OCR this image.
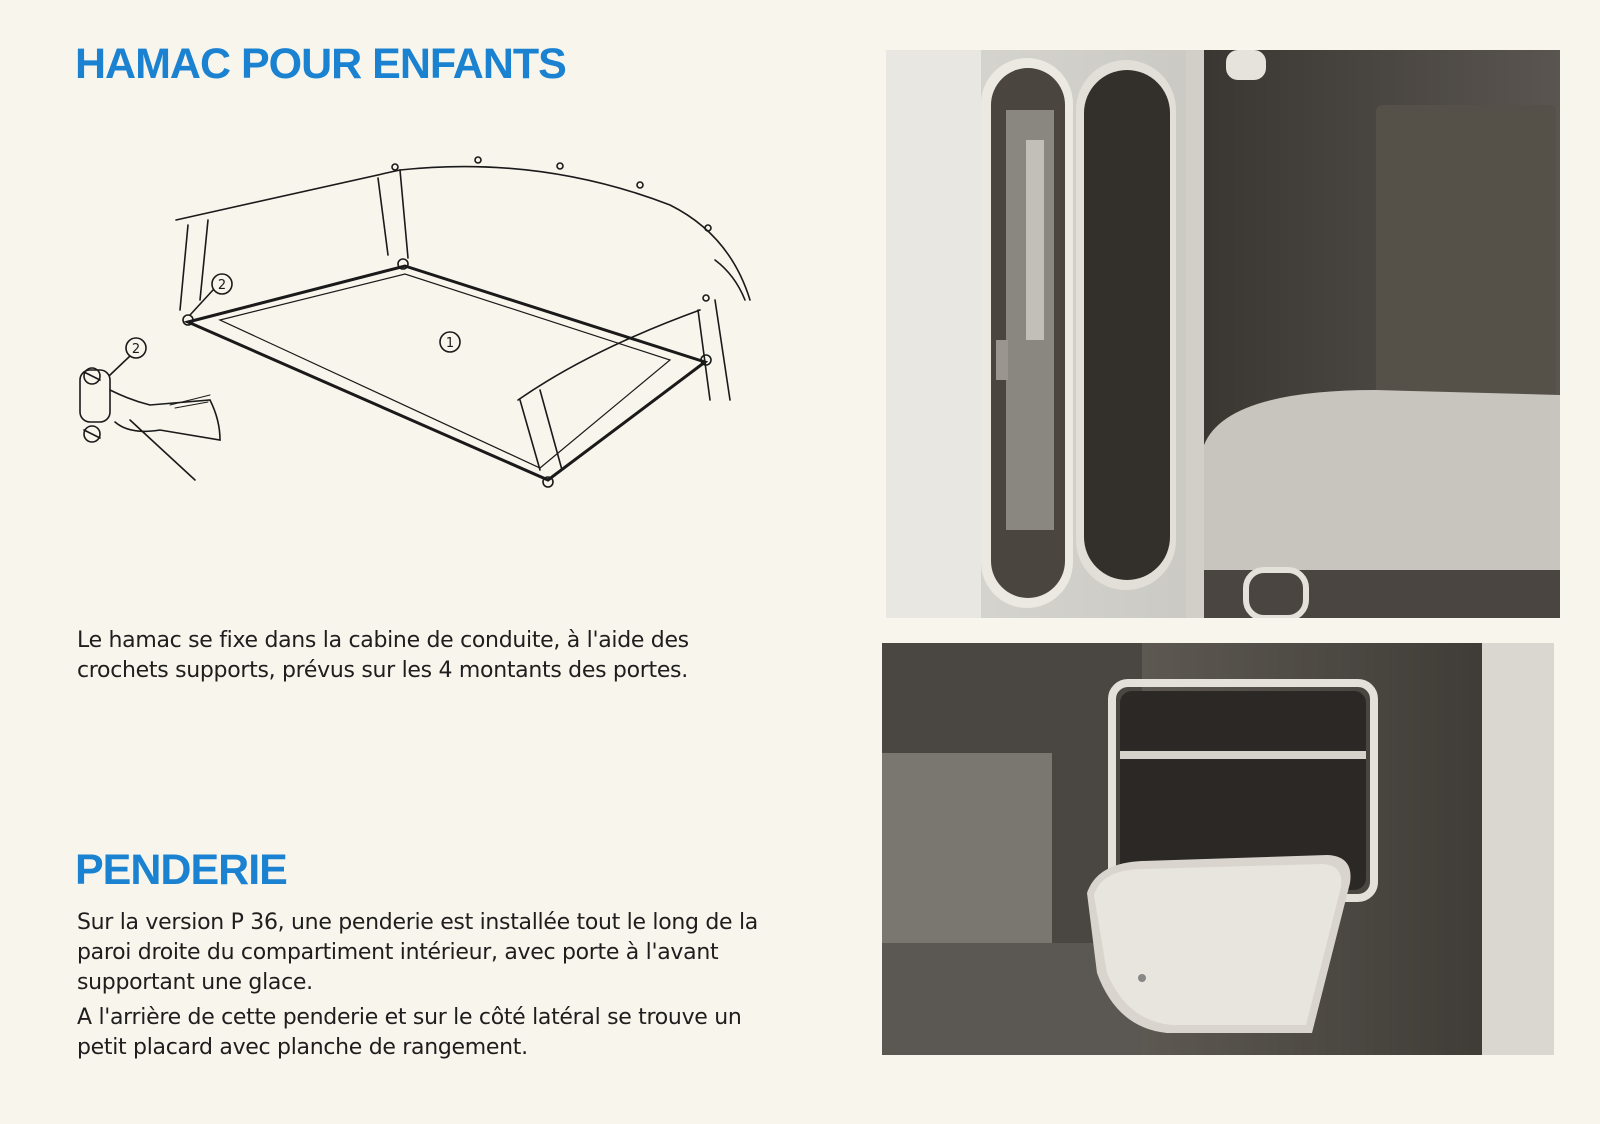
HAMAC POUR ENFANTS
2
1
2

Le hamac se fixe dans la cabine de conduite, à l'aide des crochets supports, prévus sur les 4 montants des portes.

PENDERIE

Sur la version P 36, une penderie est installée tout le long de la paroi droite du compartiment intérieur, avec porte à l'avant supportant une glace.

A l'arrière de cette penderie et sur le côté latéral se trouve un petit placard avec planche de rangement.
